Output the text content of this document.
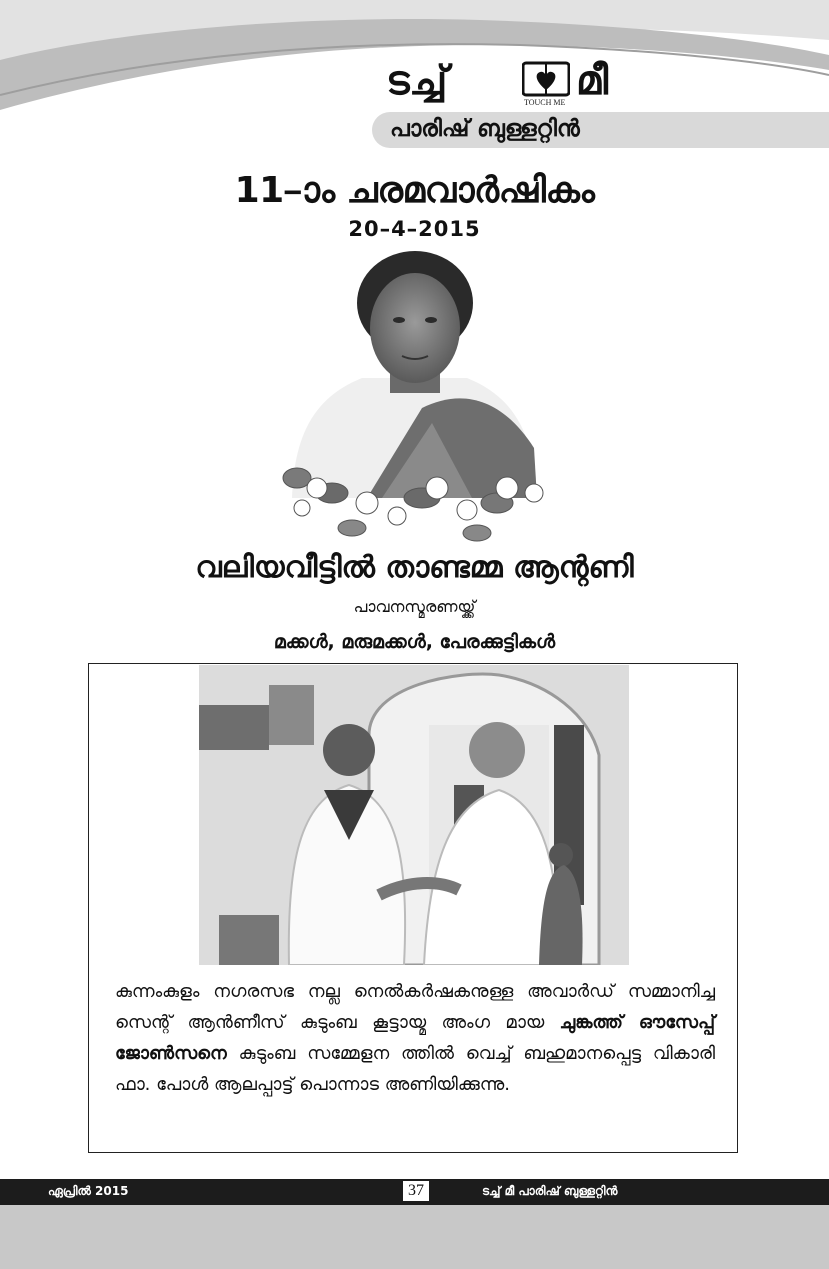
ടച്ച്	മീ
TOUCH ME
പാരിഷ് ബുള്ളറ്റിൻ
11–ാം ചരമവാർഷികം
20–4–2015
വലിയവീട്ടിൽ താണ്ടമ്മ ആന്റണി
പാവനസ്മരണയ്ക്ക്
മക്കൾ, മരുമക്കൾ, പേരക്കുട്ടികൾ
കുന്നംകുളം നഗരസഭ നല്ല നെൽകർഷകനുള്ള അവാർഡ് സമ്മാനിച്ച സെന്റ് ആൻണീസ് കുടുംബ കൂട്ടായ്മ അംഗ മായ ചുങ്കത്ത് ഔസേപ്പ് ജോൺസനെ കുടുംബ സമ്മേളന ത്തിൽ വെച്ച് ബഹുമാനപ്പെട്ട വികാരി ഫാ. പോൾ ആലപ്പാട്ട് പൊന്നാട അണിയിക്കുന്നു.
ഏപ്രിൽ 2015	37	ടച്ച് മീ പാരിഷ് ബുള്ളറ്റിൻ
